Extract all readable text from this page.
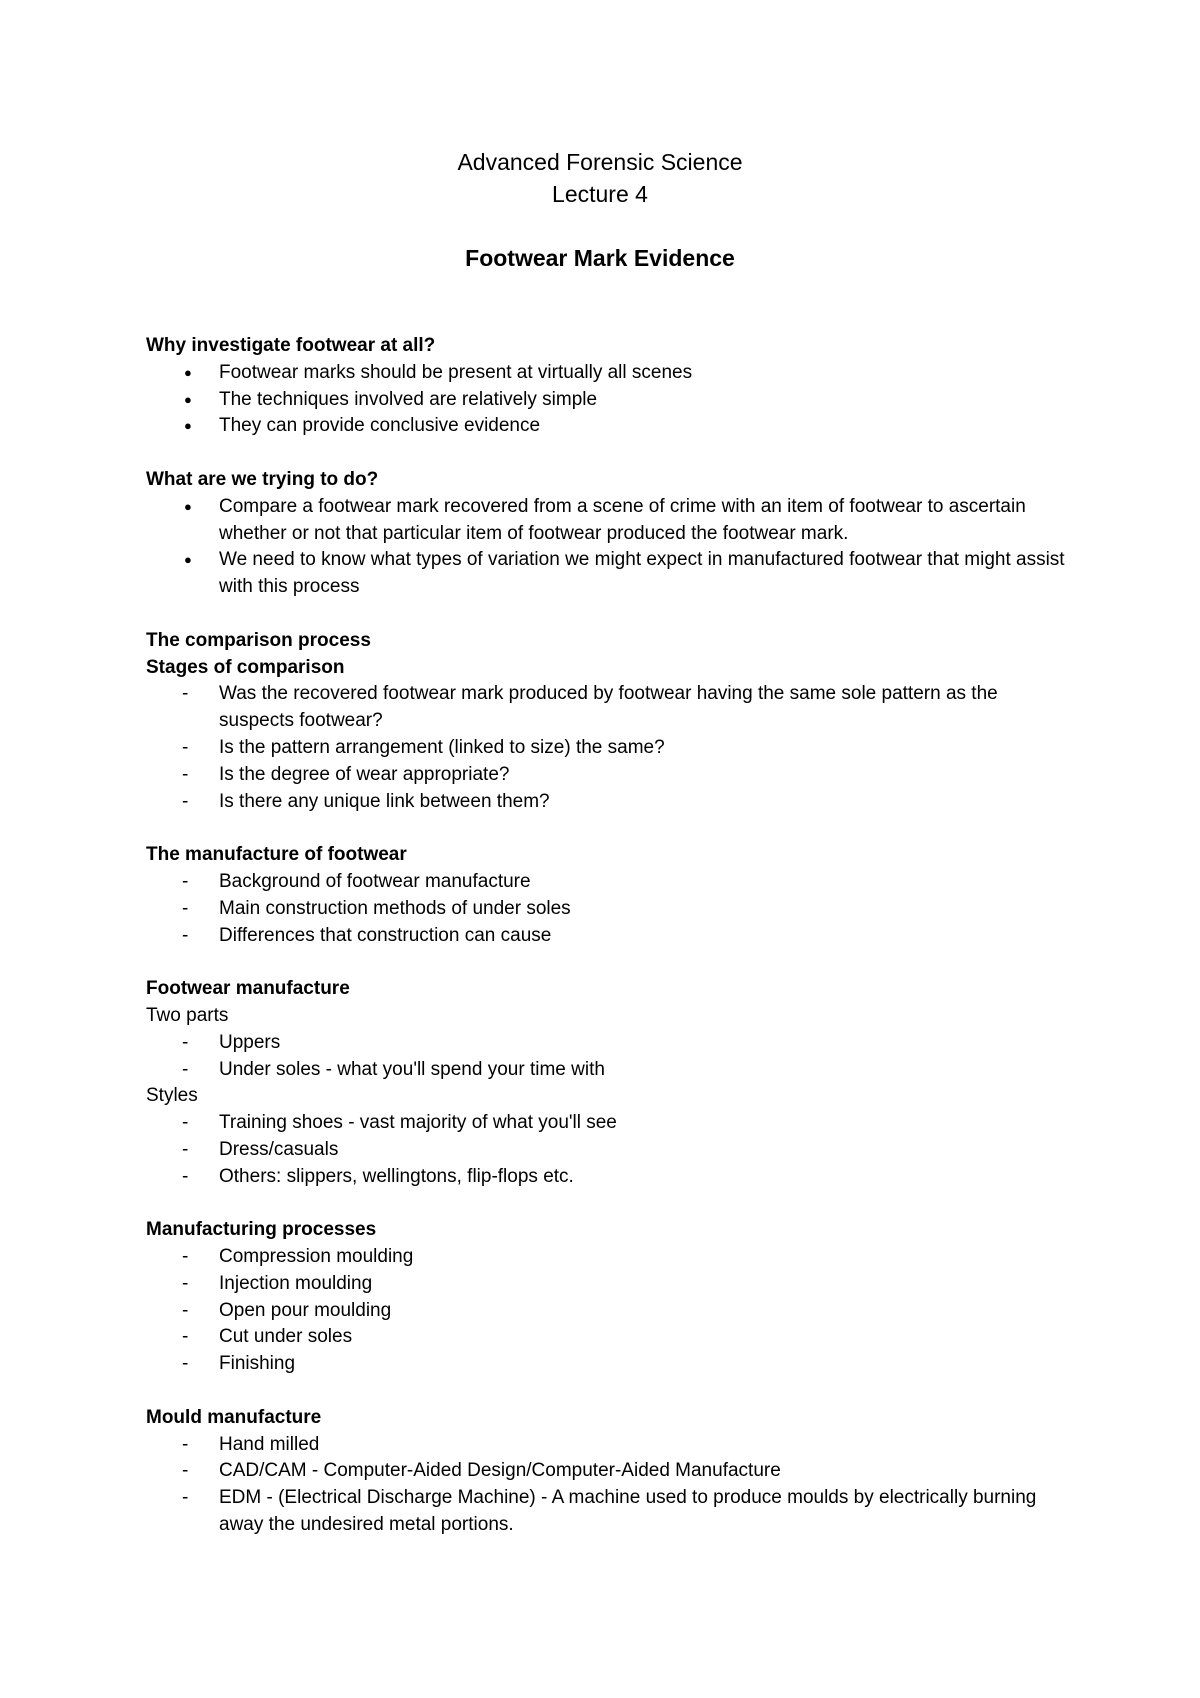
Advanced Forensic Science
Lecture 4
Footwear Mark Evidence

Why investigate footwear at all?

● Footwear marks should be present at virtually all scenes
● The techniques involved are relatively simple
● They can provide conclusive evidence

What are we trying to do?

● Compare a footwear mark recovered from a scene of crime with an item of footwear to ascertain whether or not that particular item of footwear produced the footwear mark.
● We need to know what types of variation we might expect in manufactured footwear that might assist with this process

The comparison process

Stages of comparison

- Was the recovered footwear mark produced by footwear having the same sole pattern as the suspects footwear?
- Is the pattern arrangement (linked to size) the same?
- Is the degree of wear appropriate?
- Is there any unique link between them?

The manufacture of footwear

- Background of footwear manufacture
- Main construction methods of under soles
- Differences that construction can cause

Footwear manufacture

Two parts

- Uppers
- Under soles - what you'll spend your time with

Styles

- Training shoes - vast majority of what you'll see
- Dress/casuals
- Others: slippers, wellingtons, flip-flops etc.

Manufacturing processes

- Compression moulding
- Injection moulding
- Open pour moulding
- Cut under soles
- Finishing

Mould manufacture

- Hand milled
- CAD/CAM - Computer-Aided Design/Computer-Aided Manufacture
- EDM - (Electrical Discharge Machine) - A machine used to produce moulds by electrically burning away the undesired metal portions.
